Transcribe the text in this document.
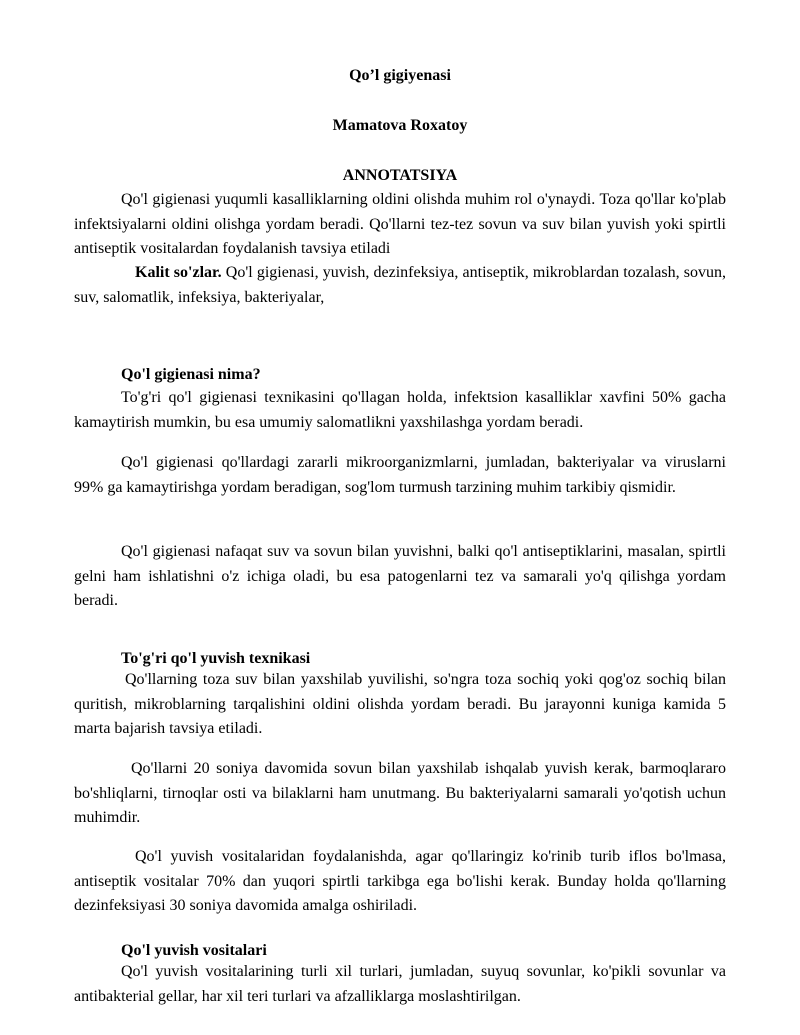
Qo’l gigiyenasi
Mamatova Roxatoy
ANNOTATSIYA

Qo'l gigienasi yuqumli kasalliklarning oldini olishda muhim rol o'ynaydi. Toza qo'llar ko'plab infektsiyalarni oldini olishga yordam beradi. Qo'llarni tez-tez sovun va suv bilan yuvish yoki spirtli antiseptik vositalardan foydalanish tavsiya etiladi

Kalit so'zlar. Qo'l gigienasi, yuvish, dezinfeksiya, antiseptik, mikroblardan tozalash, sovun, suv, salomatlik, infeksiya, bakteriyalar,

Qo'l gigienasi nima?

To'g'ri qo'l gigienasi texnikasini qo'llagan holda, infektsion kasalliklar xavfini 50% gacha kamaytirish mumkin, bu esa umumiy salomatlikni yaxshilashga yordam beradi.

Qo'l gigienasi qo'llardagi zararli mikroorganizmlarni, jumladan, bakteriyalar va viruslarni 99% ga kamaytirishga yordam beradigan, sog'lom turmush tarzining muhim tarkibiy qismidir.

Qo'l gigienasi nafaqat suv va sovun bilan yuvishni, balki qo'l antiseptiklarini, masalan, spirtli gelni ham ishlatishni o'z ichiga oladi, bu esa patogenlarni tez va samarali yo'q qilishga yordam beradi.

To'g'ri qo'l yuvish texnikasi

Qo'llarning toza suv bilan yaxshilab yuvilishi, so'ngra toza sochiq yoki qog'oz sochiq bilan quritish, mikroblarning tarqalishini oldini olishda yordam beradi. Bu jarayonni kuniga kamida 5 marta bajarish tavsiya etiladi.

Qo'llarni 20 soniya davomida sovun bilan yaxshilab ishqalab yuvish kerak, barmoqlararo bo'shliqlarni, tirnoqlar osti va bilaklarni ham unutmang. Bu bakteriyalarni samarali yo'qotish uchun muhimdir.

Qo'l yuvish vositalaridan foydalanishda, agar qo'llaringiz ko'rinib turib iflos bo'lmasa, antiseptik vositalar 70% dan yuqori spirtli tarkibga ega bo'lishi kerak. Bunday holda qo'llarning dezinfeksiyasi 30 soniya davomida amalga oshiriladi.

Qo'l yuvish vositalari

Qo'l yuvish vositalarining turli xil turlari, jumladan, suyuq sovunlar, ko'pikli sovunlar va antibakterial gellar, har xil teri turlari va afzalliklarga moslashtirilgan.
